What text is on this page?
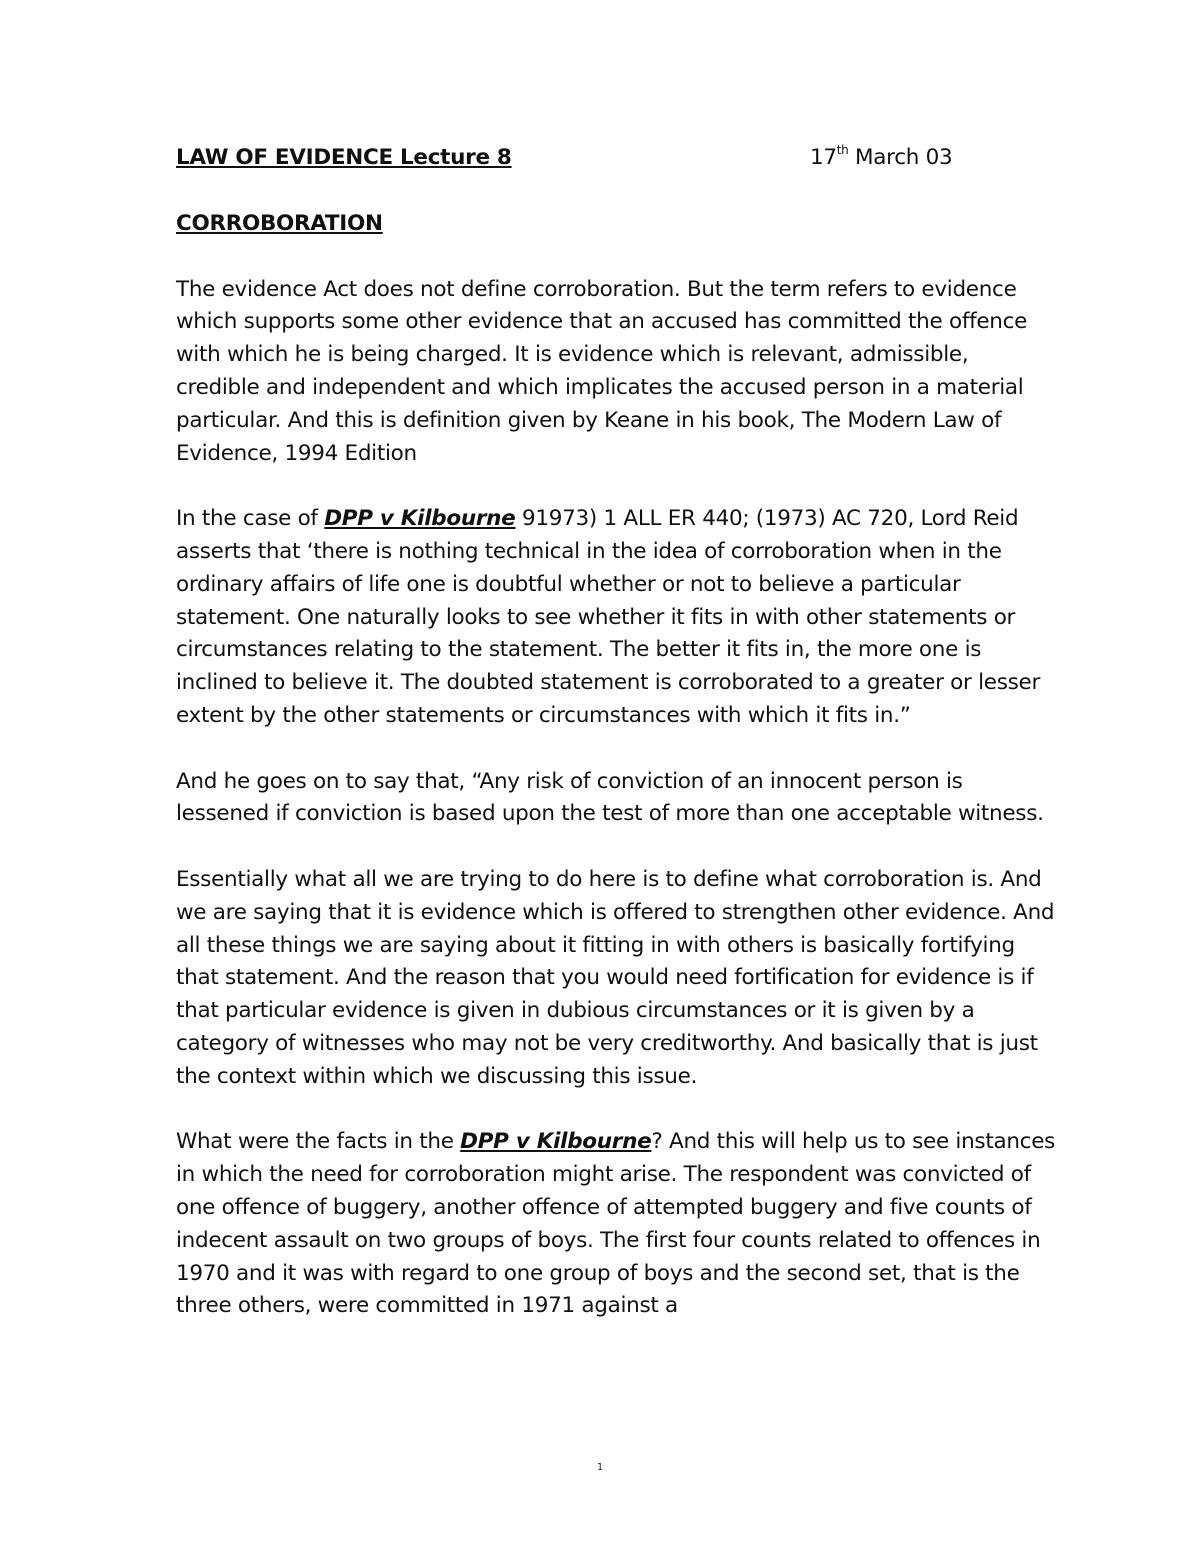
LAW OF EVIDENCE Lecture 8	17th March 03
CORROBORATION

The evidence Act does not define corroboration. But the term refers to evidence which supports some other evidence that an accused has committed the offence with which he is being charged. It is evidence which is relevant, admissible, credible and independent and which implicates the accused person in a material particular. And this is definition given by Keane in his book, The Modern Law of Evidence, 1994 Edition

In the case of DPP v Kilbourne 91973) 1 ALL ER 440; (1973) AC 720, Lord Reid asserts that ‘there is nothing technical in the idea of corroboration when in the ordinary affairs of life one is doubtful whether or not to believe a particular statement. One naturally looks to see whether it fits in with other statements or circumstances relating to the statement. The better it fits in, the more one is inclined to believe it. The doubted statement is corroborated to a greater or lesser extent by the other statements or circumstances with which it fits in.”

And he goes on to say that, “Any risk of conviction of an innocent person is lessened if conviction is based upon the test of more than one acceptable witness.

Essentially what all we are trying to do here is to define what corroboration is. And we are saying that it is evidence which is offered to strengthen other evidence. And all these things we are saying about it fitting in with others is basically fortifying that statement. And the reason that you would need fortification for evidence is if that particular evidence is given in dubious circumstances or it is given by a category of witnesses who may not be very creditworthy. And basically that is just the context within which we discussing this issue.

What were the facts in the DPP v Kilbourne? And this will help us to see instances in which the need for corroboration might arise. The respondent was convicted of one offence of buggery, another offence of attempted buggery and five counts of indecent assault on two groups of boys. The first four counts related to offences in 1970 and it was with regard to one group of boys and the second set, that is the three others, were committed in 1971 against a

1
